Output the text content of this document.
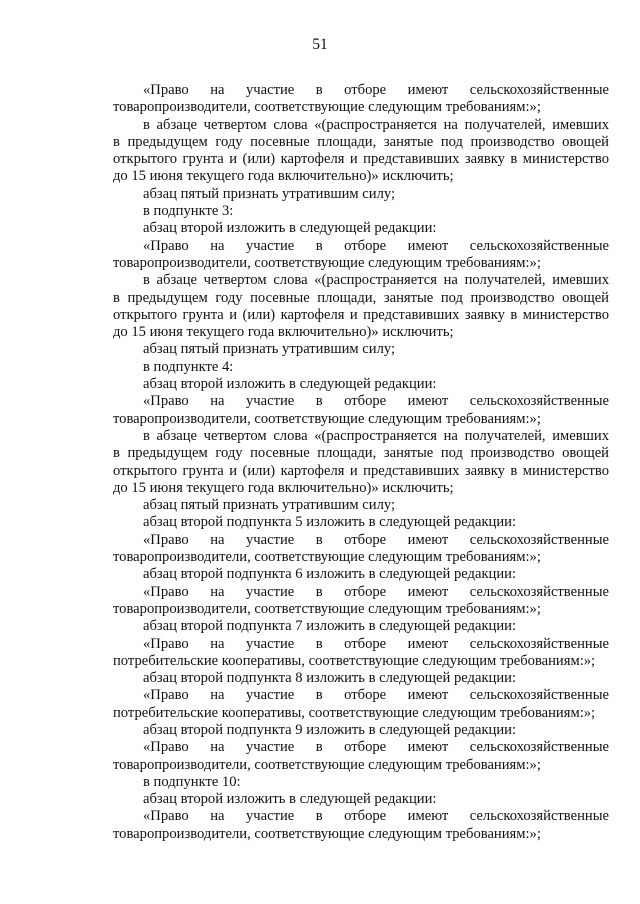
51
«Право на участие в отборе имеют сельскохозяйственные
товаропроизводители, соответствующие следующим требованиям:»;
в абзаце четвертом слова «(распространяется на получателей, имевших
в предыдущем году посевные площади, занятые под производство овощей
открытого грунта и (или) картофеля и представивших заявку в министерство
до 15 июня текущего года включительно)» исключить;
абзац пятый признать утратившим силу;
в подпункте 3:
абзац второй изложить в следующей редакции:
«Право на участие в отборе имеют сельскохозяйственные
товаропроизводители, соответствующие следующим требованиям:»;
в абзаце четвертом слова «(распространяется на получателей, имевших
в предыдущем году посевные площади, занятые под производство овощей
открытого грунта и (или) картофеля и представивших заявку в министерство
до 15 июня текущего года включительно)» исключить;
абзац пятый признать утратившим силу;
в подпункте 4:
абзац второй изложить в следующей редакции:
«Право на участие в отборе имеют сельскохозяйственные
товаропроизводители, соответствующие следующим требованиям:»;
в абзаце четвертом слова «(распространяется на получателей, имевших
в предыдущем году посевные площади, занятые под производство овощей
открытого грунта и (или) картофеля и представивших заявку в министерство
до 15 июня текущего года включительно)» исключить;
абзац пятый признать утратившим силу;
абзац второй подпункта 5 изложить в следующей редакции:
«Право на участие в отборе имеют сельскохозяйственные
товаропроизводители, соответствующие следующим требованиям:»;
абзац второй подпункта 6 изложить в следующей редакции:
«Право на участие в отборе имеют сельскохозяйственные
товаропроизводители, соответствующие следующим требованиям:»;
абзац второй подпункта 7 изложить в следующей редакции:
«Право на участие в отборе имеют сельскохозяйственные
потребительские кооперативы, соответствующие следующим требованиям:»;
абзац второй подпункта 8 изложить в следующей редакции:
«Право на участие в отборе имеют сельскохозяйственные
потребительские кооперативы, соответствующие следующим требованиям:»;
абзац второй подпункта 9 изложить в следующей редакции:
«Право на участие в отборе имеют сельскохозяйственные
товаропроизводители, соответствующие следующим требованиям:»;
в подпункте 10:
абзац второй изложить в следующей редакции:
«Право на участие в отборе имеют сельскохозяйственные
товаропроизводители, соответствующие следующим требованиям:»;
